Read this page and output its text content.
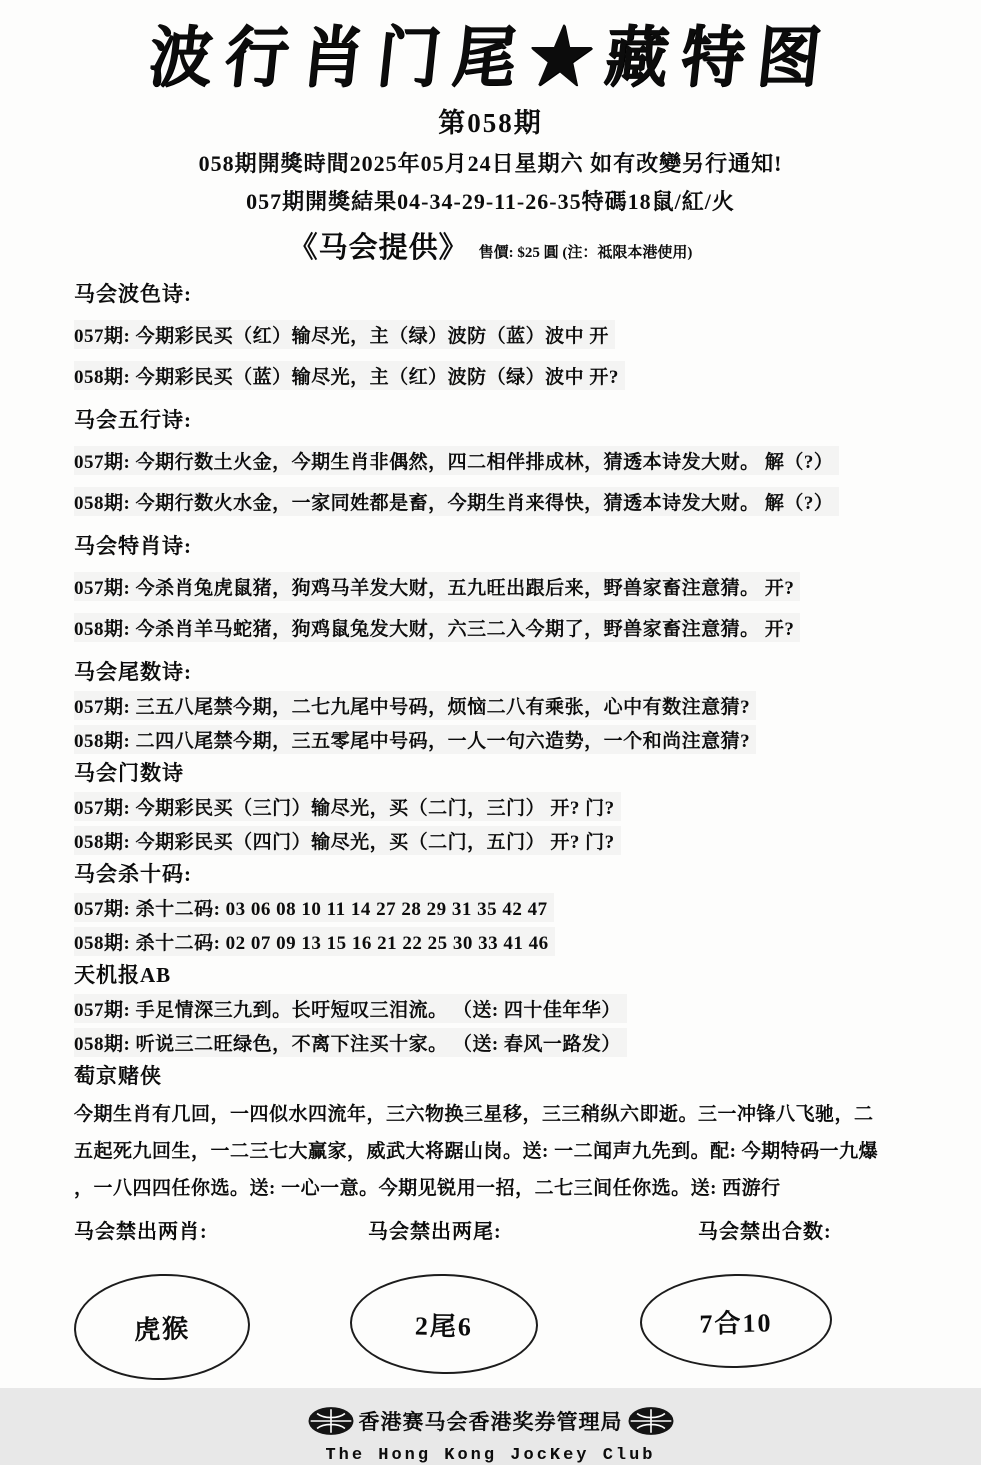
波行肖门尾★藏特图
第058期
058期開獎時間2025年05月24日星期六 如有改變另行通知!
057期開獎結果04-34-29-11-26-35特碼18鼠/紅/火
《马会提供》 售價: $25 圓 (注：祗限本港使用)
马会波色诗:
057期: 今期彩民买（红）输尽光，主（绿）波防（蓝）波中 开
058期: 今期彩民买（蓝）输尽光，主（红）波防（绿）波中 开?
马会五行诗:
057期: 今期行数土火金，今期生肖非偶然，四二相伴排成林，猜透本诗发大财。 解（?）
058期: 今期行数火水金，一家同姓都是畜，今期生肖来得快，猜透本诗发大财。 解（?）
马会特肖诗:
057期: 今杀肖兔虎鼠猪，狗鸡马羊发大财，五九旺出跟后来，野兽家畜注意猜。 开?
058期: 今杀肖羊马蛇猪，狗鸡鼠兔发大财，六三二入今期了，野兽家畜注意猜。 开?
马会尾数诗:
057期: 三五八尾禁今期，二七九尾中号码，烦恼二八有乘张，心中有数注意猜?
058期: 二四八尾禁今期，三五零尾中号码，一人一句六造势，一个和尚注意猜?
马会门数诗
057期: 今期彩民买（三门）输尽光，买（二门，三门） 开? 门?
058期: 今期彩民买（四门）输尽光，买（二门，五门） 开? 门?
马会杀十码:
057期: 杀十二码: 03 06 08 10 11 14 27 28 29 31 35 42 47
058期: 杀十二码: 02 07 09 13 15 16 21 22 25 30 33 41 46
天机报AB
057期: 手足情深三九到。长吁短叹三泪流。 （送: 四十佳年华）
058期: 听说三二旺绿色，不离下注买十家。 （送: 春风一路发）
萄京赌侠
今期生肖有几回，一四似水四流年，三六物换三星移，三三稍纵六即逝。三一冲锋八飞驰，二
五起死九回生，一二三七大赢家，威武大将踞山岗。送: 一二闻声九先到。配: 今期特码一九爆
，一八四四任你选。送: 一心一意。今期见锐用一招，二七三间任你选。送: 西游行
马会禁出两肖:
虎猴
马会禁出两尾:
2尾6
马会禁出合数:
7合10
香港赛马会香港奖券管理局
The Hong Kong JocKey Club
